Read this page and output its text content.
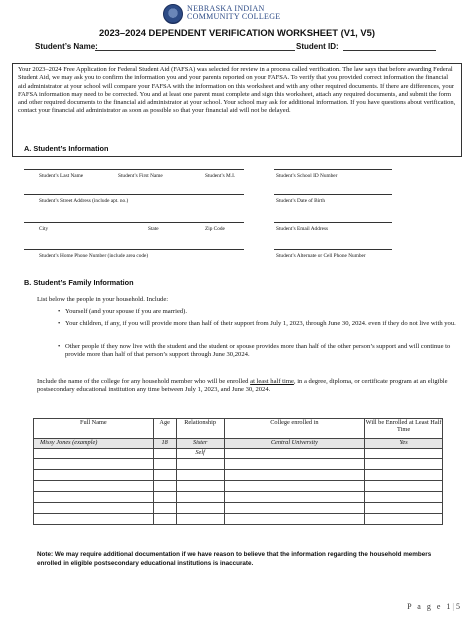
NEBRASKA INDIAN
COMMUNITY COLLEGE
2023–2024 DEPENDENT VERIFICATION WORKSHEET (V1, V5)
Student’s Name:	Student ID:
Your 2023–2024 Free Application for Federal Student Aid (FAFSA) was selected for review in a process called verification. The law says that before awarding Federal Student Aid, we may ask you to confirm the information you and your parents reported on your FAFSA. To verify that you provided correct information the financial aid administrator at your school will compare your FAFSA with the information on this worksheet and with any other required documents. If there are differences, your FAFSA information may need to be corrected. You and at least one parent must complete and sign this worksheet, attach any required documents, and submit the form and other required documents to the financial aid administrator at your school. Your school may ask for additional information. If you have questions about verification, contact your financial aid administrator as soon as possible so that your financial aid will not be delayed.
A. Student’s Information
Student’s Last Name	Student’s First Name	Student’s M.I.	Student’s School ID Number
Student’s Street Address (include apt. no.)	Student’s Date of Birth
City	State	Zip Code	Student’s Email Address
Student’s Home Phone Number (include area code)	Student’s Alternate or Cell Phone Number
B. Student’s Family Information
List below the people in your household. Include:
• Yourself (and your spouse if you are married).
• Your children, if any, if you will provide more than half of their support from July 1, 2023, through June 30, 2024. even if they do not live with you.
• Other people if they now live with the student and the student or spouse provides more than half of the other person’s support and will continue to provide more than half of that person’s support through June 30,2024.
Include the name of the college for any household member who will be enrolled at least half time, in a degree, diploma, or certificate program at an eligible postsecondary educational institution any time between July 1, 2023, and June 30, 2024.
Full Name	Age	Relationship	College enrolled in	Will be Enrolled at Least Half Time
Missy Jones (example)	18	Sister	Central University	Yes
		Self		

Note: We may require additional documentation if we have reason to believe that the information regarding the household members enrolled in eligible postsecondary educational institutions is inaccurate.
P a g e 1|5
